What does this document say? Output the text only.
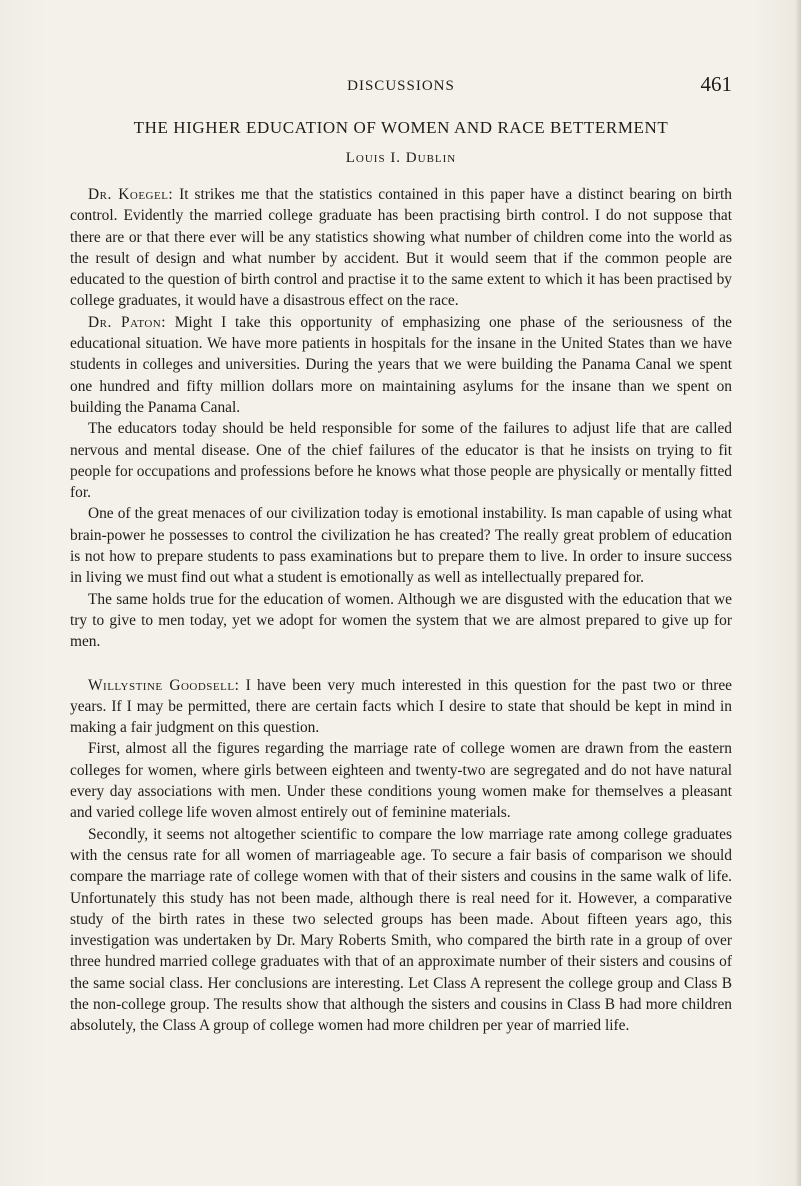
DISCUSSIONS	461
THE HIGHER EDUCATION OF WOMEN AND RACE BETTERMENT
Louis I. Dublin

Dr. Koegel: It strikes me that the statistics contained in this paper have a distinct bearing on birth control. Evidently the married college graduate has been practising birth control. I do not suppose that there are or that there ever will be any statistics showing what number of children come into the world as the result of design and what number by accident. But it would seem that if the common people are educated to the question of birth control and practise it to the same extent to which it has been practised by college graduates, it would have a disastrous effect on the race.

Dr. Paton: Might I take this opportunity of emphasizing one phase of the seriousness of the educational situation. We have more patients in hospitals for the insane in the United States than we have students in colleges and universities. During the years that we were building the Panama Canal we spent one hundred and fifty million dollars more on maintaining asylums for the insane than we spent on building the Panama Canal.

The educators today should be held responsible for some of the failures to adjust life that are called nervous and mental disease. One of the chief failures of the educator is that he insists on trying to fit people for occupations and professions before he knows what those people are physically or mentally fitted for.

One of the great menaces of our civilization today is emotional instability. Is man capable of using what brain-power he possesses to control the civilization he has created? The really great problem of education is not how to prepare students to pass examinations but to prepare them to live. In order to insure success in living we must find out what a student is emotionally as well as intellectually prepared for.

The same holds true for the education of women. Although we are disgusted with the education that we try to give to men today, yet we adopt for women the system that we are almost prepared to give up for men.

Willystine Goodsell: I have been very much interested in this question for the past two or three years. If I may be permitted, there are certain facts which I desire to state that should be kept in mind in making a fair judgment on this question.

First, almost all the figures regarding the marriage rate of college women are drawn from the eastern colleges for women, where girls between eighteen and twenty-two are segregated and do not have natural every day associations with men. Under these conditions young women make for themselves a pleasant and varied college life woven almost entirely out of feminine materials.

Secondly, it seems not altogether scientific to compare the low marriage rate among college graduates with the census rate for all women of marriageable age. To secure a fair basis of comparison we should compare the marriage rate of college women with that of their sisters and cousins in the same walk of life. Unfortunately this study has not been made, although there is real need for it. However, a comparative study of the birth rates in these two selected groups has been made. About fifteen years ago, this investigation was undertaken by Dr. Mary Roberts Smith, who compared the birth rate in a group of over three hundred married college graduates with that of an approximate number of their sisters and cousins of the same social class. Her conclusions are interesting. Let Class A represent the college group and Class B the non-college group. The results show that although the sisters and cousins in Class B had more children absolutely, the Class A group of college women had more children per year of married life.
